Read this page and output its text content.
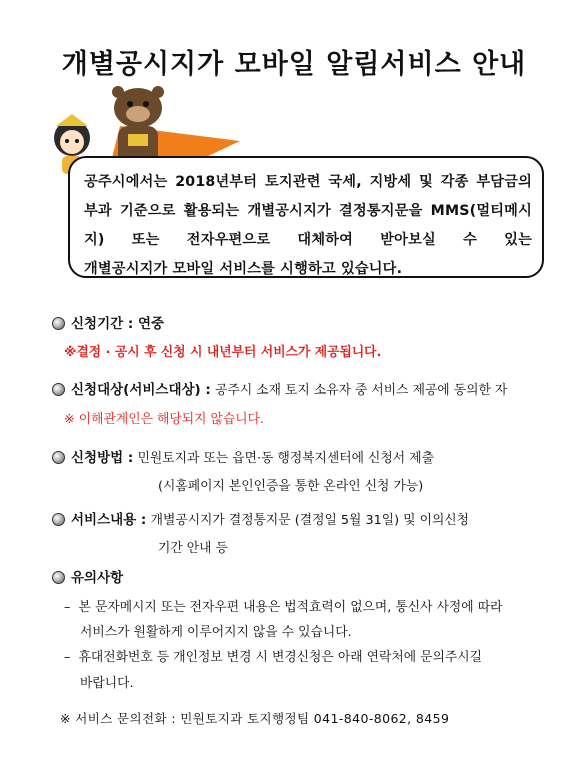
개별공시지가 모바일 알림서비스 안내

공주시에서는 2018년부터 토지관련 국세, 지방세 및 각종 부담금의 부과 기준으로 활용되는 개별공시지가 결정통지문을 MMS(멀티메시지) 또는 전자우편으로 대체하여 받아보실 수 있는
개별공시지가 모바일 서비스를 시행하고 있습니다.

신청기간 : 연중
※결정 · 공시 후 신청 시 내년부터 서비스가 제공됩니다.
신청대상(서비스대상) : 공주시 소재 토지 소유자 중 서비스 제공에 동의한 자
※ 이해관계인은 해당되지 않습니다.
신청방법 : 민원토지과 또는 읍면·동 행정복지센터에 신청서 제출
(시홈페이지 본인인증을 통한 온라인 신청 가능)
서비스내용 : 개별공시지가 결정통지문 (결정일 5월 31일) 및 이의신청
기간 안내 등
유의사항
–  본 문자메시지 또는 전자우편 내용은 법적효력이 없으며, 통신사 사정에 따라
서비스가 원활하게 이루어지지 않을 수 있습니다.
–  휴대전화번호 등 개인정보 변경 시 변경신청은 아래 연락처에 문의주시길
바랍니다.
※ 서비스 문의전화 : 민원토지과 토지행정팀 041-840-8062, 8459
